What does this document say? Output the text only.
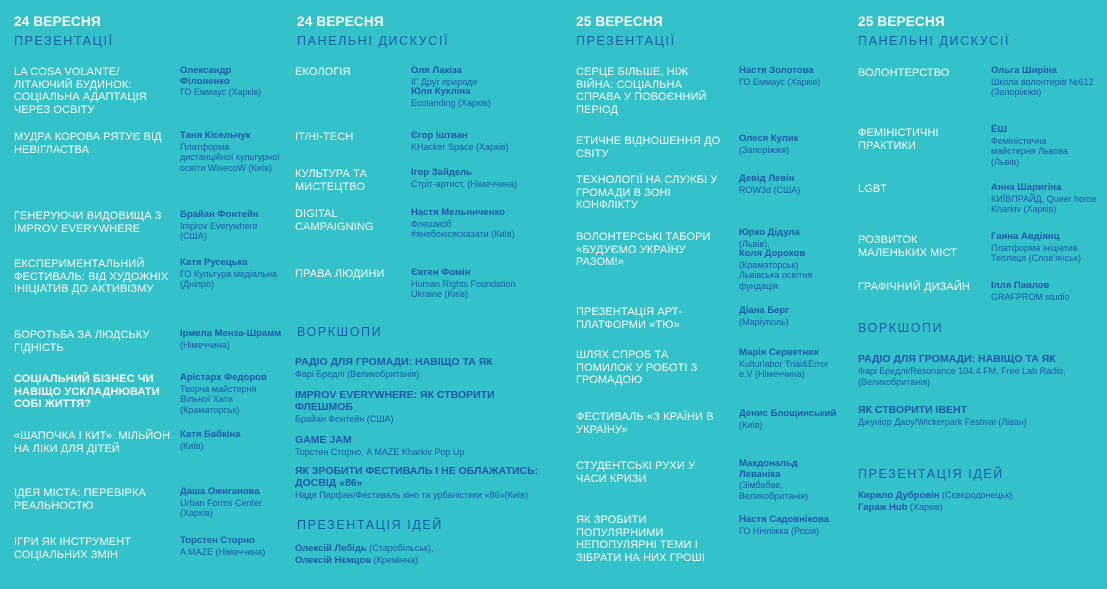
24 ВЕРЕСНЯ
ПРЕЗЕНТАЦІЇ
LA COSA VOLANTE/ ЛІТАЮЧИЙ БУДИНОК: СОЦІАЛЬНА АДАПТАЦІЯ ЧЕРЕЗ ОСВІТУ
МУДРА КОРОВА РЯТУЄ ВІД НЕВІГЛАСТВА
ГЕНЕРУЮЧИ ВИДОВИЩА З IMPROV EVERYWHERE
ЕКСПЕРИМЕНТАЛЬНИЙ ФЕСТИВАЛЬ: ВІД ХУДОЖНІХ ІНІЦІАТИВ ДО АКТИВІЗМУ
БОРОТЬБА ЗА ЛЮДСЬКУ ГІДНІСТЬ
СОЦІАЛЬНИЙ БІЗНЕС ЧИ НАВІЩО УСКЛАДНЮВАТИ СОБІ ЖИТТЯ?
«ШАПОЧКА І КИТ»: МІЛЬЙОН НА ЛІКИ ДЛЯ ДІТЕЙ
ІДЕЯ МІСТА: ПЕРЕВІРКА РЕАЛЬНОСТЮ
ІГРИ ЯК ІНСТРУМЕНТ СОЦІАЛЬНИХ ЗМІН
Олександр Філоненко
ГО Еммаус (Харків)
Таня Кісельчук
Платформа дистанційної культурної освіти WisecoW (Київ)
Брайан Фонтейн
Improv Everywhere (США)
Катя Русецька
ГО Культура медіальна (Дніпро)
Ірмела Менза-Шрамм
(Німеччина)
Арістарх Федоров
Творча майстерня Вільної Хати (Краматорськ)
Катя Бабкіна
(Київ)
Даша Ожиганова
Urban Forms Center (Харків)
Торстен Сторно
A MAZE (Німеччина)
24 ВЕРЕСНЯ
ПАНЕЛЬНІ ДИСКУСІЇ
ЕКОЛОГІЯ
IT/HI-TECH
КУЛЬТУРА ТА МИСТЕЦТВО
DIGITAL CAMPAIGNING
ПРАВА ЛЮДИНИ
Оля Лакіза
ІГ Друг природи
Юля Кукліна
Ecolanding (Харків)
Єгор Іштван
KHacker Space (Харків)
Ігор Зайдель
Стріт-артист, (Німеччина)
Настя Мельниченко
Флешмоб #янебоюсясказати (Київ)
Євген Фомін
Human Rights Foundation Ukraine (Київ)
ВОРКШОПИ
РАДІО ДЛЯ ГРОМАДИ: НАВІЩО ТА ЯК
Фарі Бредлі (Великобританія)
IMPROV EVERYWHERE: ЯК СТВОРИТИ ФЛЕШМОБ
Брайан Фонтейн (США)
GAME JAM
Торстен Сторно, A MAZE Kharkiv Pop Up
ЯК ЗРОБИТИ ФЕСТИВАЛЬ І НЕ ОБЛАЖАТИСЬ: ДОСВІД «86»
Надя Парфан/Фестиваль кіно та урбаністики «86»(Київ)
ПРЕЗЕНТАЦІЯ ІДЕЙ
Олексій Лебідь (Старобільськ),
Олексій Нємцов (Кремінна)
25 ВЕРЕСНЯ
ПРЕЗЕНТАЦІЇ
СЕРЦЕ БІЛЬШЕ, НІЖ ВІЙНА: СОЦІАЛЬНА СПРАВА У ПОВОЄННИЙ ПЕРІОД
ЕТИЧНЕ ВІДНОШЕННЯ ДО СВІТУ
ТЕХНОЛОГІЇ НА СЛУЖБІ У ГРОМАДИ В ЗОНІ КОНФЛІКТУ
ВОЛОНТЕРСЬКІ ТАБОРИ «БУДУЄМО УКРАЇНУ РАЗОМ!»
ПРЕЗЕНТАЦІЯ АРТ- ПЛАТФОРМИ «ТЮ»
ШЛЯХ СПРОБ ТА ПОМИЛОК У РОБОТІ З ГРОМАДОЮ
ФЕСТИВАЛЬ «З КРАЇНИ В УКРАЇНУ»
СТУДЕНТСЬКІ РУХИ У ЧАСИ КРИЗИ
ЯК ЗРОБИТИ ПОПУЛЯРНИМИ НЕПОПУЛЯРНІ ТЕМИ І ЗІБРАТИ НА НИХ ГРОШІ
Настя Золотова
ГО Еммаус (Харків)
Олеся Кулик
(Запоріжжя)
Девід Левін
ROW3d (США)
Юрко Дідула
(Львів),
Коля Дорохов
(Краматорськ) Львівська освітня фундація
Діана Берг
(Маріуполь)
Марія Серветник
Kulturlabor Trial&Error e.V (Німеччина)
Денис Блощинський
(Київ)
Макдональд Леваніка
(Зімбабве, Великобританія)
Настя Садовнікова
ГО Нічліжка (Росія)
25 ВЕРЕСНЯ
ПАНЕЛЬНІ ДИСКУСІЇ
ВОЛОНТЕРСТВО
ФЕМІНІСТИЧНІ ПРАКТИКИ
LGBT
РОЗВИТОК МАЛЕНЬКИХ МІСТ
ГРАФІЧНИЙ ДИЗАЙН
Ольга Ширіна
Школа волонтерів №612 (Запоріжжя)
ЁШ
Феміністична майстерня Львова (Львів)
Анна Шаригіна
КИЇВПРАЙД, Queer home Kharkiv (Харків)
Ганна Авдіянц
Платформа ініціатив Теплиця (Слов'янськ)
Ілля Павлов
GRAFPROM studio
ВОРКШОПИ
РАДІО ДЛЯ ГРОМАДИ: НАВІЩО ТА ЯК
Фарі Бредлі/Resonance 104.4 FM, Free Lab Radio, (Великобританія)
ЯК СТВОРИТИ ІВЕНТ
Джуніор Даоу/Wickerpark Festival (Ліван)
ПРЕЗЕНТАЦІЯ ІДЕЙ
Кирило Дубровін (Сєвєродонецьк),
Гараж Hub (Харків)
